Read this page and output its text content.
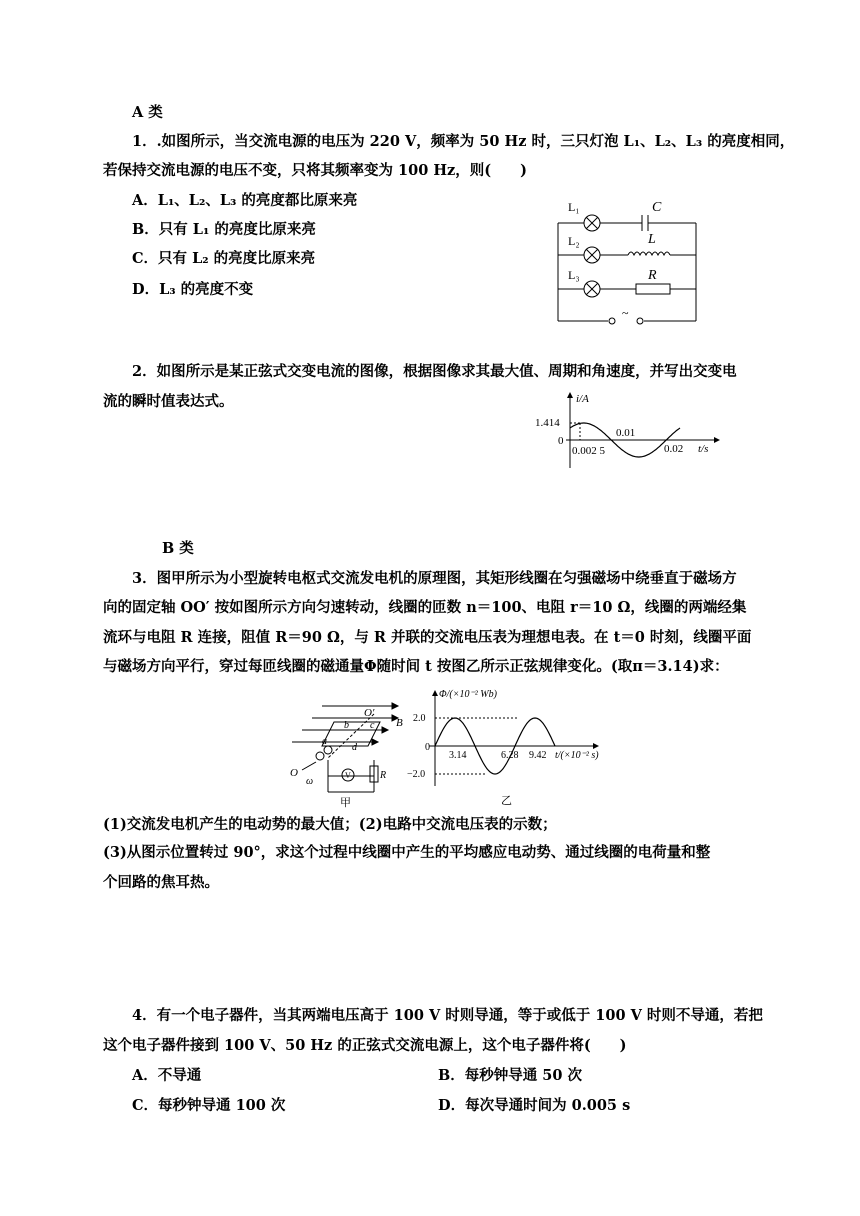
A 类
1．.如图所示，当交流电源的电压为 220 V，频率为 50 Hz 时，三只灯泡 L₁、L₂、L₃ 的亮度相同，
若保持交流电源的电压不变，只将其频率变为 100 Hz，则(　　)
A．L₁、L₂、L₃ 的亮度都比原来亮
B．只有 L₁ 的亮度比原来亮
C．只有 L₂ 的亮度比原来亮
D．L₃ 的亮度不变
L₁	C
L₂	L
L₃	R
~
2．如图所示是某正弦式交变电流的图像，根据图像求其最大值、周期和角速度，并写出交变电
流的瞬时值表达式。	i/A
t/s
1.414
0
0.002 5
0.01
0.02
B 类
3．图甲所示为小型旋转电枢式交流发电机的原理图，其矩形线圈在匀强磁场中绕垂直于磁场方
向的固定轴 OO′ 按如图所示方向匀速转动，线圈的匝数 n＝100、电阻 r＝10 Ω，线圈的两端经集
流环与电阻 R 连接，阻值 R＝90 Ω，与 R 并联的交流电压表为理想电表。在 t＝0 时刻，线圈平面
与磁场方向平行，穿过每匝线圈的磁通量Φ随时间 t 按图乙所示正弦规律变化。(取π＝3.14)求：
O′
b c
a
d
B
O
ω
V	R
甲
Φ/(×10⁻² Wb)
t/(×10⁻² s)
2.0
0
−2.0
3.14	6.28 9.42
乙
(1)交流发电机产生的电动势的最大值；(2)电路中交流电压表的示数；
(3)从图示位置转过 90°，求这个过程中线圈中产生的平均感应电动势、通过线圈的电荷量和整
个回路的焦耳热。
4．有一个电子器件，当其两端电压高于 100 V 时则导通，等于或低于 100 V 时则不导通，若把
这个电子器件接到 100 V、50 Hz 的正弦式交流电源上，这个电子器件将(　　)
A．不导通	B．每秒钟导通 50 次
C．每秒钟导通 100 次	D．每次导通时间为 0.005 s
